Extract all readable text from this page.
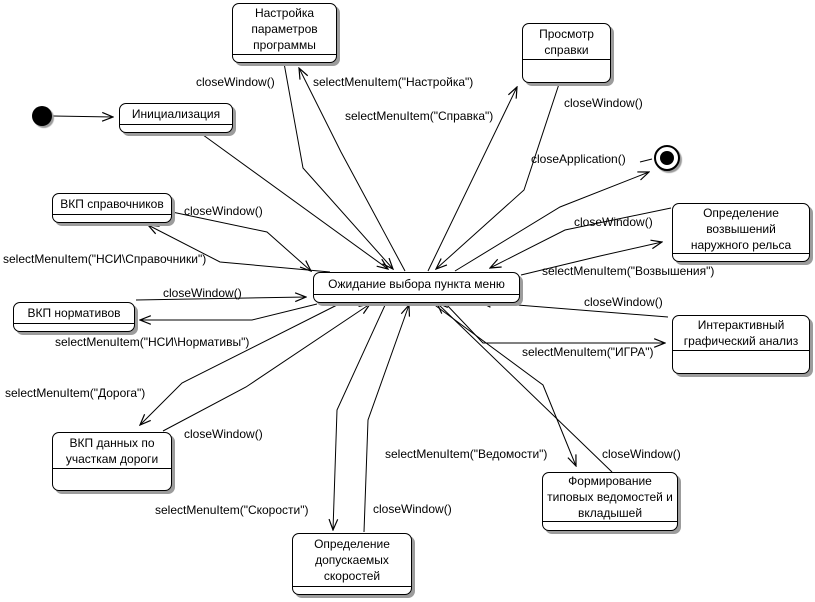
Инициализация
Настройка
параметров
программы
Просмотр
справки
ВКП справочников
Ожидание выбора пункта меню
Определение
возвышений
наружного рельса
ВКП нормативов
Интерактивный
графический анализ
ВКП данных по
участкам дороги
Формирование
типовых ведомостей и
вкладышей
Определение
допускаемых
скоростей
closeWindow()	selectMenuItem("Настройка")
selectMenuItem("Справка")
closeWindow()
closeApplication()
closeWindow()
selectMenuItem("НСИ\Справочники")
closeWindow()
selectMenuItem("НСИ\Нормативы")
closeWindow()
selectMenuItem("Возвышения")
closeWindow()
selectMenuItem("ИГРА")
selectMenuItem("Дорога")
closeWindow()
selectMenuItem("Скорости")	closeWindow()
selectMenuItem("Ведомости")	closeWindow()
